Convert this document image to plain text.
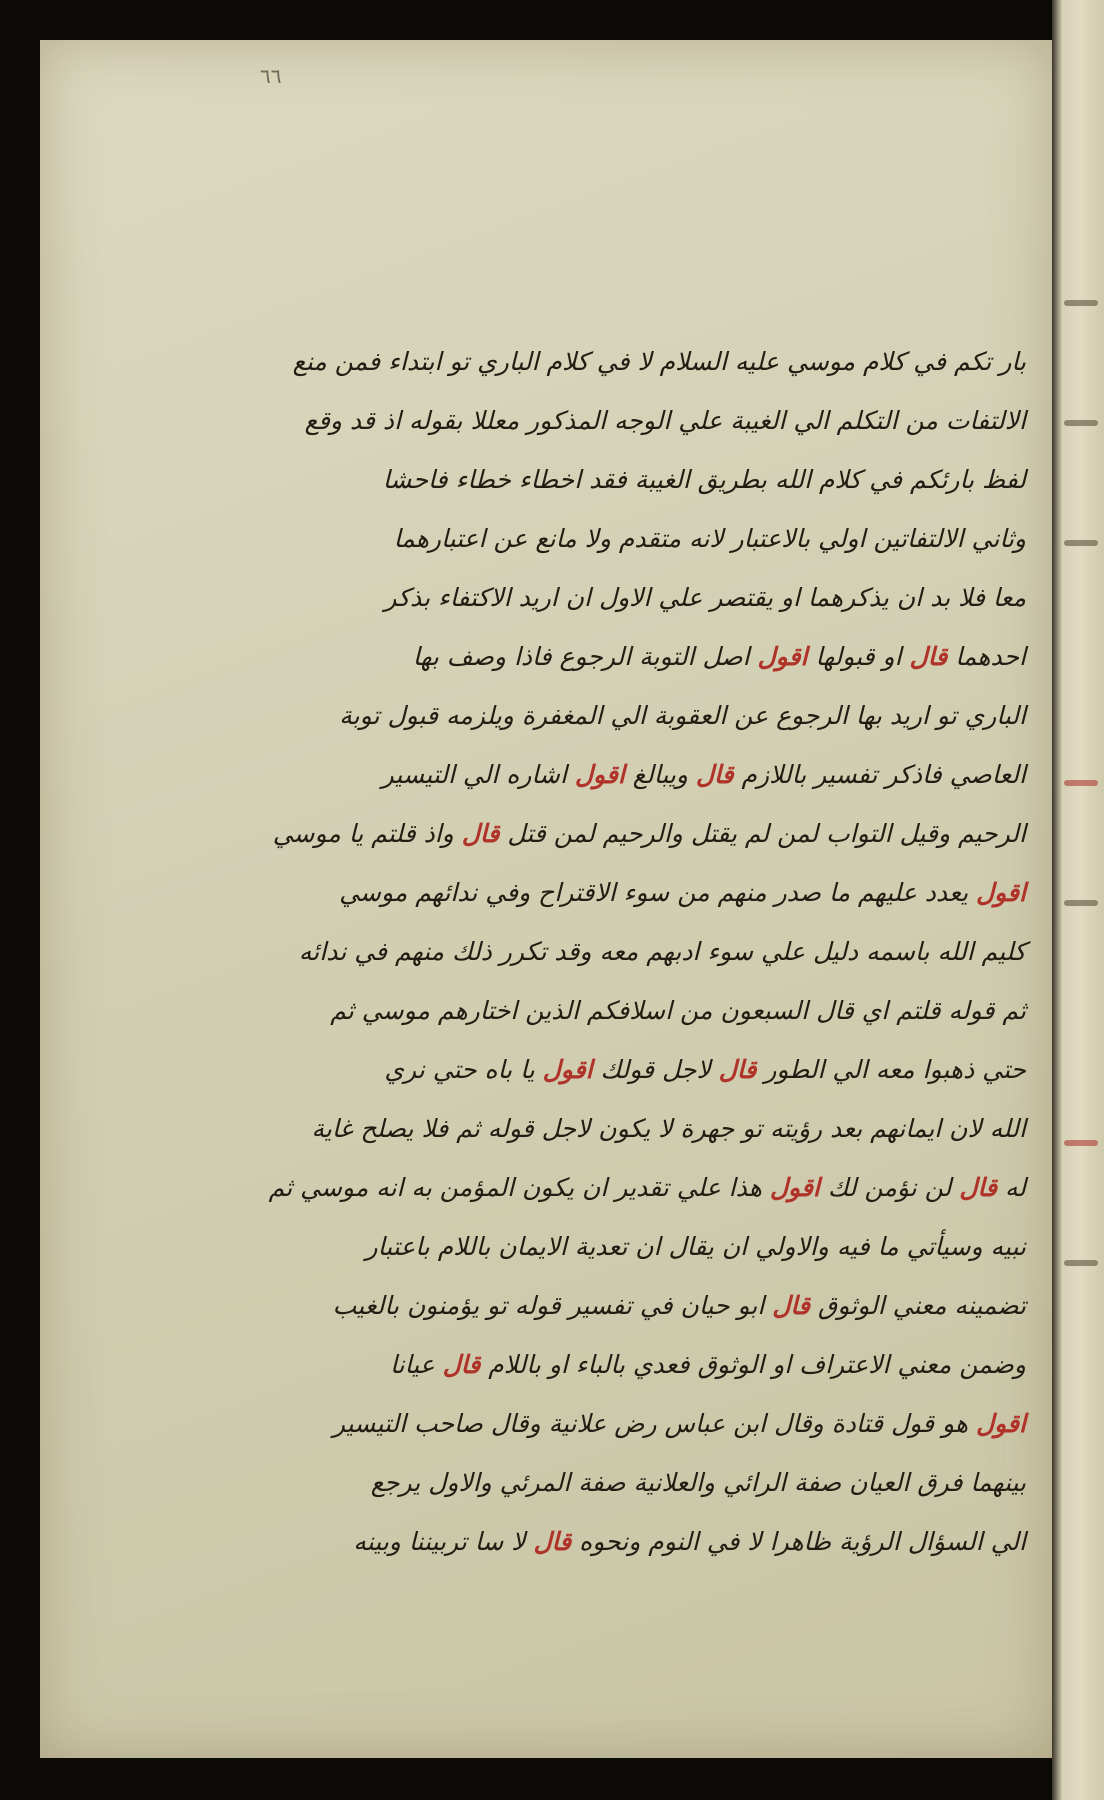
٦٦
بار تكم في كلام موسي عليه السلام لا في كلام الباري تو ابتداء فمن منع
الالتفات من التكلم الي الغيبة علي الوجه المذكور معللا بقوله اذ قد وقع
لفظ بارئكم في كلام الله بطريق الغيبة فقد اخطاء خطاء فاحشا
وثاني الالتفاتين اولي بالاعتبار لانه متقدم ولا مانع عن اعتبارهما
معا فلا بد ان يذكرهما او يقتصر علي الاول ان اريد الاكتفاء بذكر
احدهما قال او قبولها اقول اصل التوبة الرجوع فاذا وصف بها
الباري تو اريد بها الرجوع عن العقوبة الي المغفرة ويلزمه قبول توبة
العاصي فاذكر تفسير باللازم قال ويبالغ اقول اشاره الي التيسير
الرحيم وقيل التواب لمن لم يقتل والرحيم لمن قتل قال واذ قلتم يا موسي
اقول يعدد عليهم ما صدر منهم من سوء الاقتراح وفي ندائهم موسي
كليم الله باسمه دليل علي سوء ادبهم معه وقد تكرر ذلك منهم في ندائه
ثم قوله قلتم اي قال السبعون من اسلافكم الذين اختارهم موسي ثم
حتي ذهبوا معه الي الطور قال لاجل قولك اقول يا باه حتي نري
الله لان ايمانهم بعد رؤيته تو جهرة لا يكون لاجل قوله ثم فلا يصلح غاية
له قال لن نؤمن لك اقول هذا علي تقدير ان يكون المؤمن به انه موسي ثم
نبيه وسيأتي ما فيه والاولي ان يقال ان تعدية الايمان باللام باعتبار
تضمينه معني الوثوق قال ابو حيان في تفسير قوله تو يؤمنون بالغيب
وضمن معني الاعتراف او الوثوق فعدي بالباء او باللام قال عيانا
اقول هو قول قتادة وقال ابن عباس رض علانية وقال صاحب التيسير
بينهما فرق العيان صفة الرائي والعلانية صفة المرئي والاول يرجع
الي السؤال الرؤية ظاهرا لا في النوم ونحوه قال لا سا تربيننا وبينه
